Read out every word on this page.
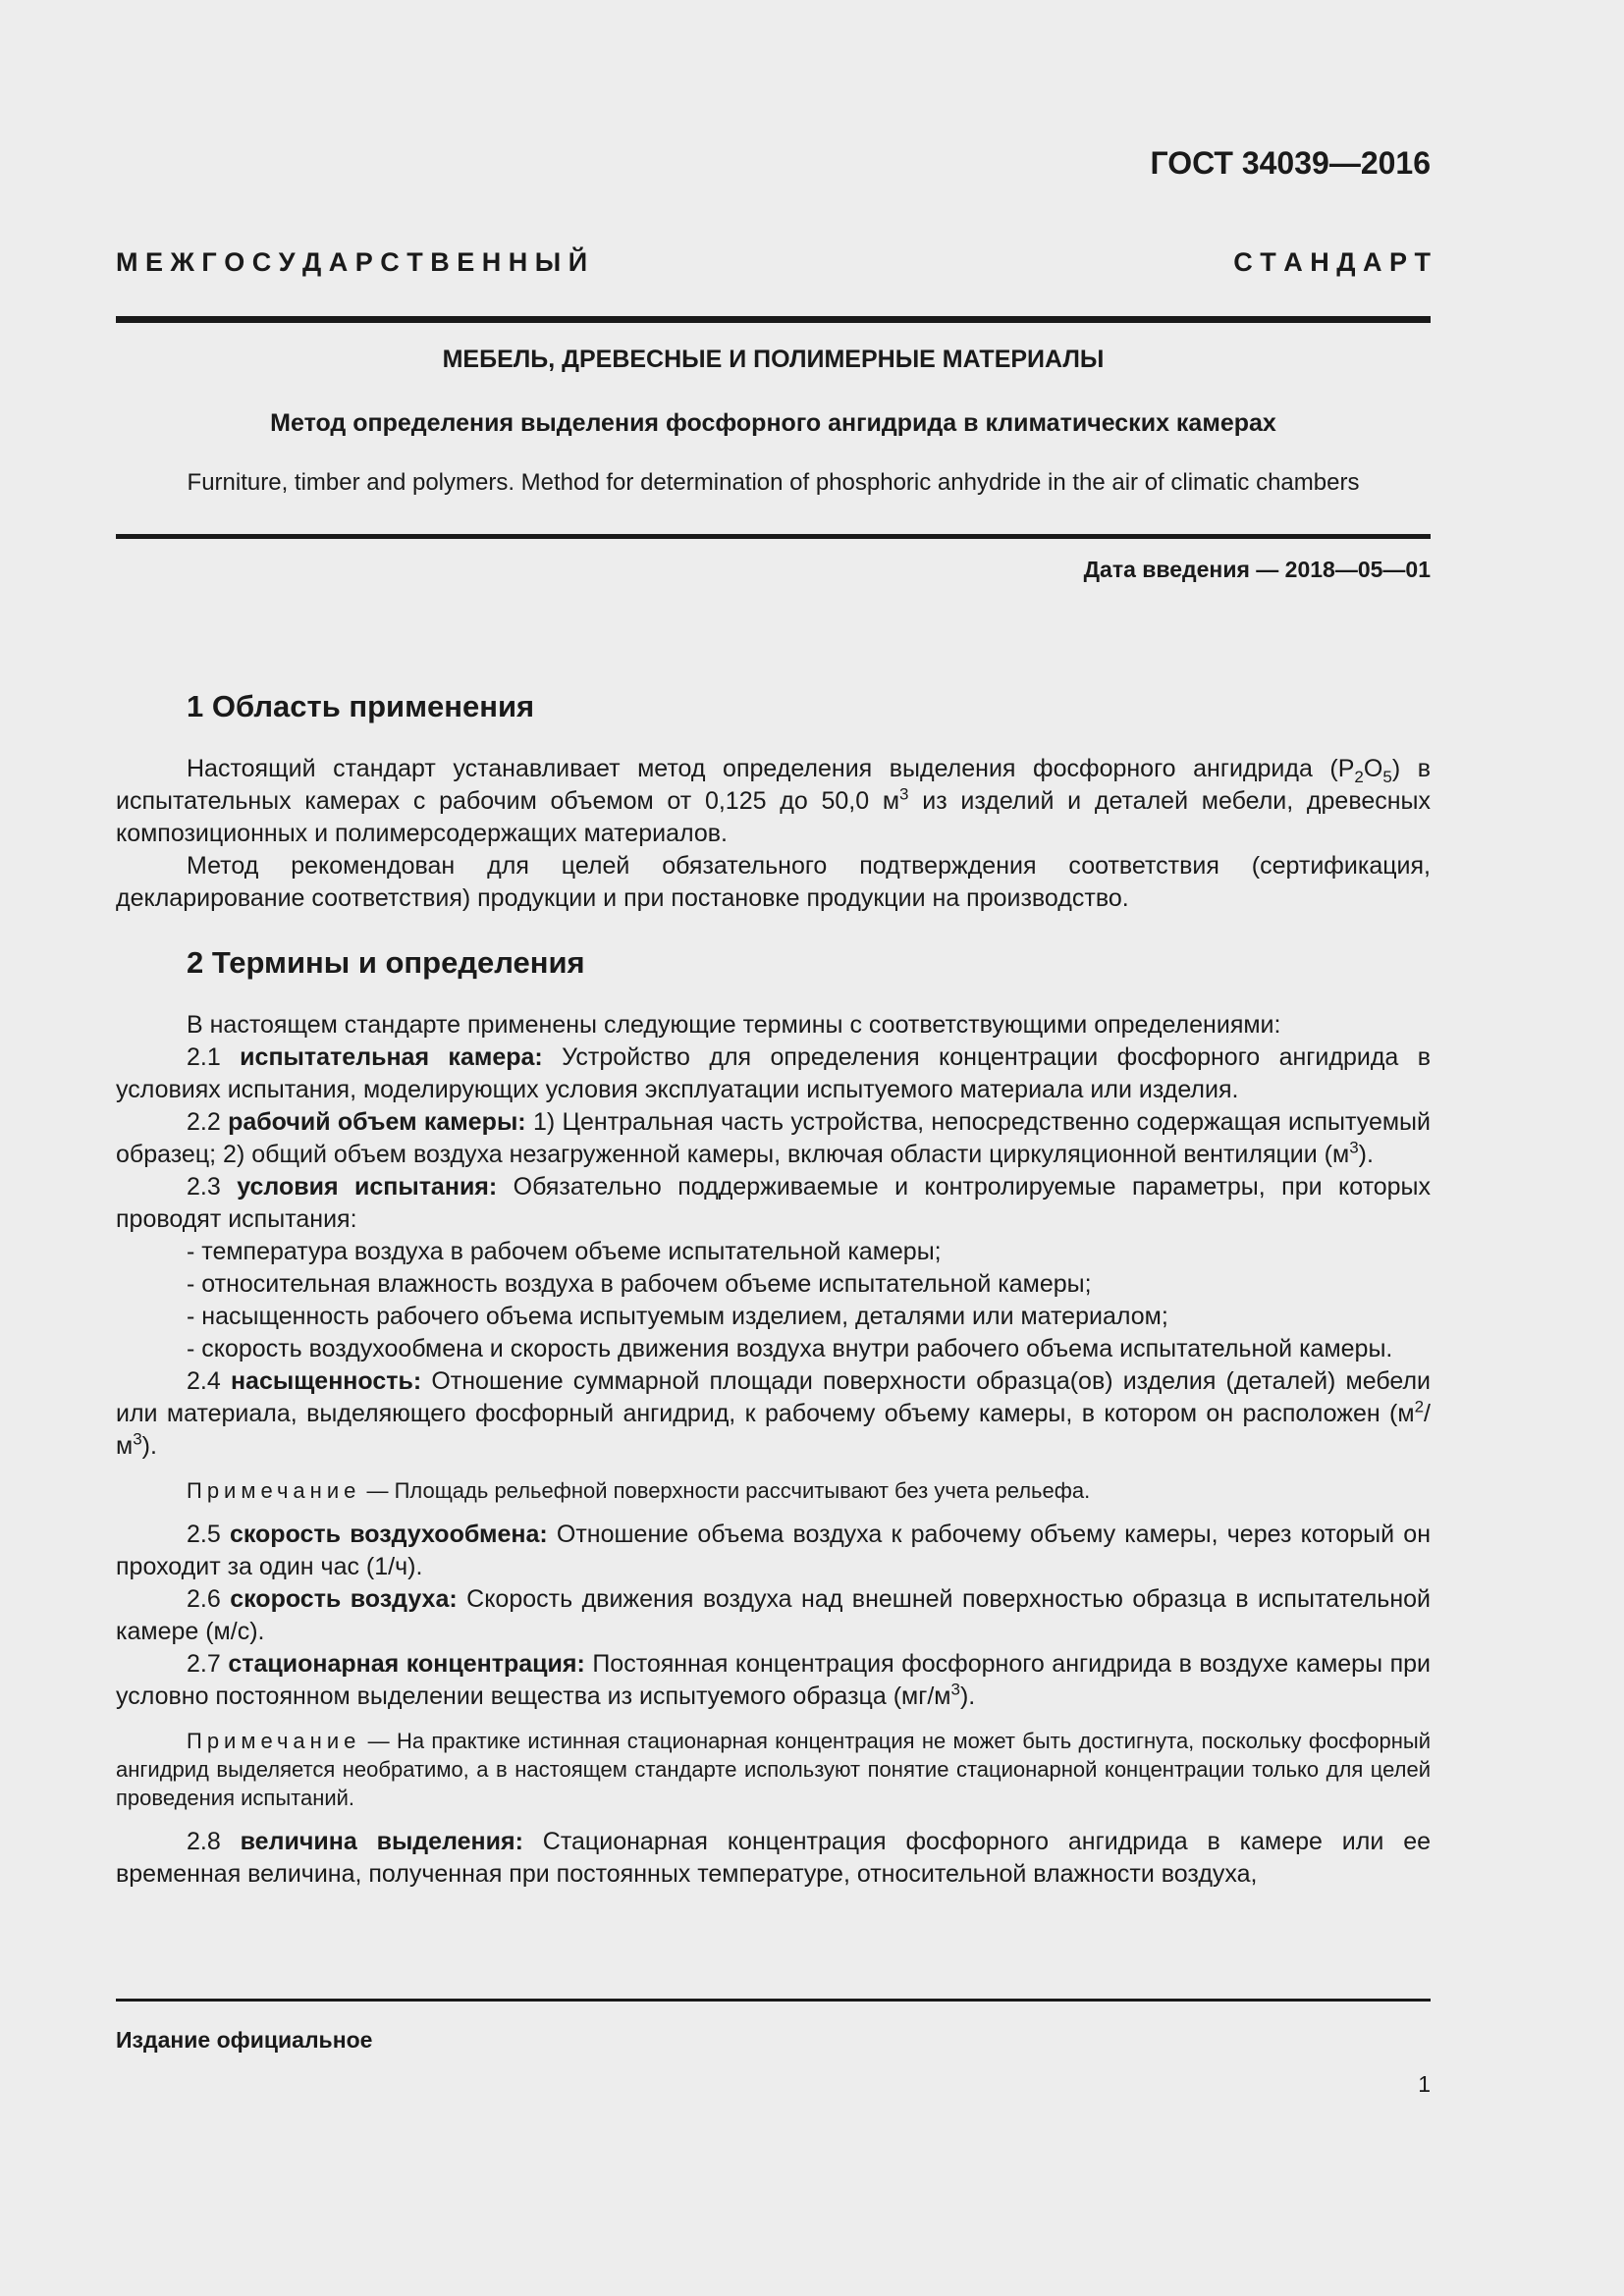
ГОСТ 34039—2016
М Е Ж Г О С У Д А Р С Т В Е Н Н Ы Й	С Т А Н Д А Р Т
МЕБЕЛЬ, ДРЕВЕСНЫЕ И ПОЛИМЕРНЫЕ МАТЕРИАЛЫ
Метод определения выделения фосфорного ангидрида в климатических камерах
Furniture, timber and polymers. Method for determination of phosphoric anhydride in the air of climatic chambers
Дата введения — 2018—05—01
1 Область применения

Настоящий стандарт устанавливает метод определения выделения фосфорного ангидрида $(P_2O_5)$ в испытательных камерах с рабочим объемом от 0,125 до 50,0 $м^3$ из изделий и деталей мебели, древесных композиционных и полимерсодержащих материалов.

Метод рекомендован для целей обязательного подтверждения соответствия (сертификация, декларирование соответствия) продукции и при постановке продукции на производство.

2 Термины и определения

В настоящем стандарте применены следующие термины с соответствующими определениями:

2.1 испытательная камера: Устройство для определения концентрации фосфорного ангидрида в условиях испытания, моделирующих условия эксплуатации испытуемого материала или изделия.

2.2 рабочий объем камеры: 1) Центральная часть устройства, непосредственно содержащая испытуемый образец; 2) общий объем воздуха незагруженной камеры, включая области циркуляционной вентиляции $(м^3)$.

2.3 условия испытания: Обязательно поддерживаемые и контролируемые параметры, при которых проводят испытания:

- температура воздуха в рабочем объеме испытательной камеры;

- относительная влажность воздуха в рабочем объеме испытательной камеры;

- насыщенность рабочего объема испытуемым изделием, деталями или материалом;

- скорость воздухообмена и скорость движения воздуха внутри рабочего объема испытательной камеры.

2.4 насыщенность: Отношение суммарной площади поверхности образца(ов) изделия (деталей) мебели или материала, выделяющего фосфорный ангидрид, к рабочему объему камеры, в котором он расположен $(м^2/м^3)$.

Примечание — Площадь рельефной поверхности рассчитывают без учета рельефа.

2.5 скорость воздухообмена: Отношение объема воздуха к рабочему объему камеры, через который он проходит за один час (1/ч).

2.6 скорость воздуха: Скорость движения воздуха над внешней поверхностью образца в испытательной камере (м/с).

2.7 стационарная концентрация: Постоянная концентрация фосфорного ангидрида в воздухе камеры при условно постоянном выделении вещества из испытуемого образца $(мг/м^3)$.

Примечание — На практике истинная стационарная концентрация не может быть достигнута, поскольку фосфорный ангидрид выделяется необратимо, а в настоящем стандарте используют понятие стационарной концентрации только для целей проведения испытаний.

2.8 величина выделения: Стационарная концентрация фосфорного ангидрида в камере или ее временная величина, полученная при постоянных температуре, относительной влажности воздуха,

Издание официальное
1
